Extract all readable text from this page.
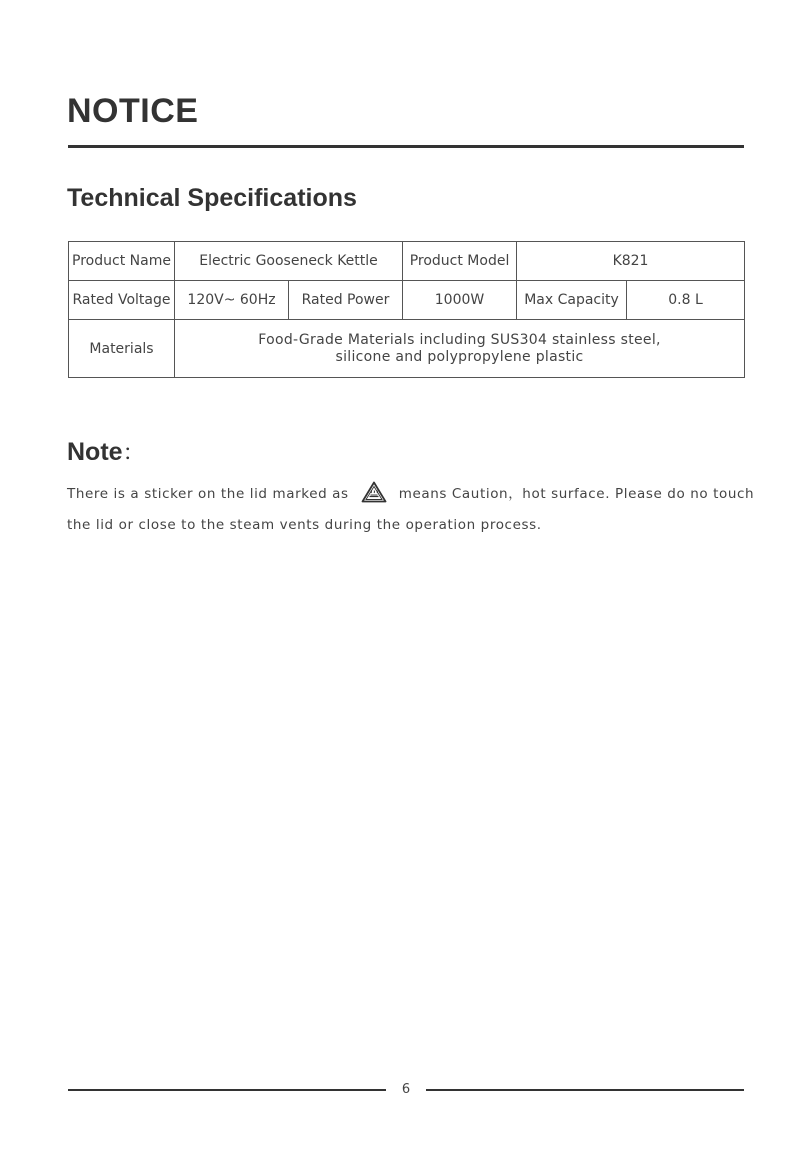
NOTICE
Technical Specifications
Product Name	Electric Gooseneck Kettle		Product Model	K821	
Rated Voltage	120V~ 60Hz	Rated Power	1000W	Max Capacity	0.8 L
Materials	Food-Grade Materials including SUS304 stainless steel,
silicone and polypropylene plastic				
Note：

There is a sticker on the lid marked as	means Caution，hot surface. Please do no touch

the lid or close to the steam vents during the operation process.

6
